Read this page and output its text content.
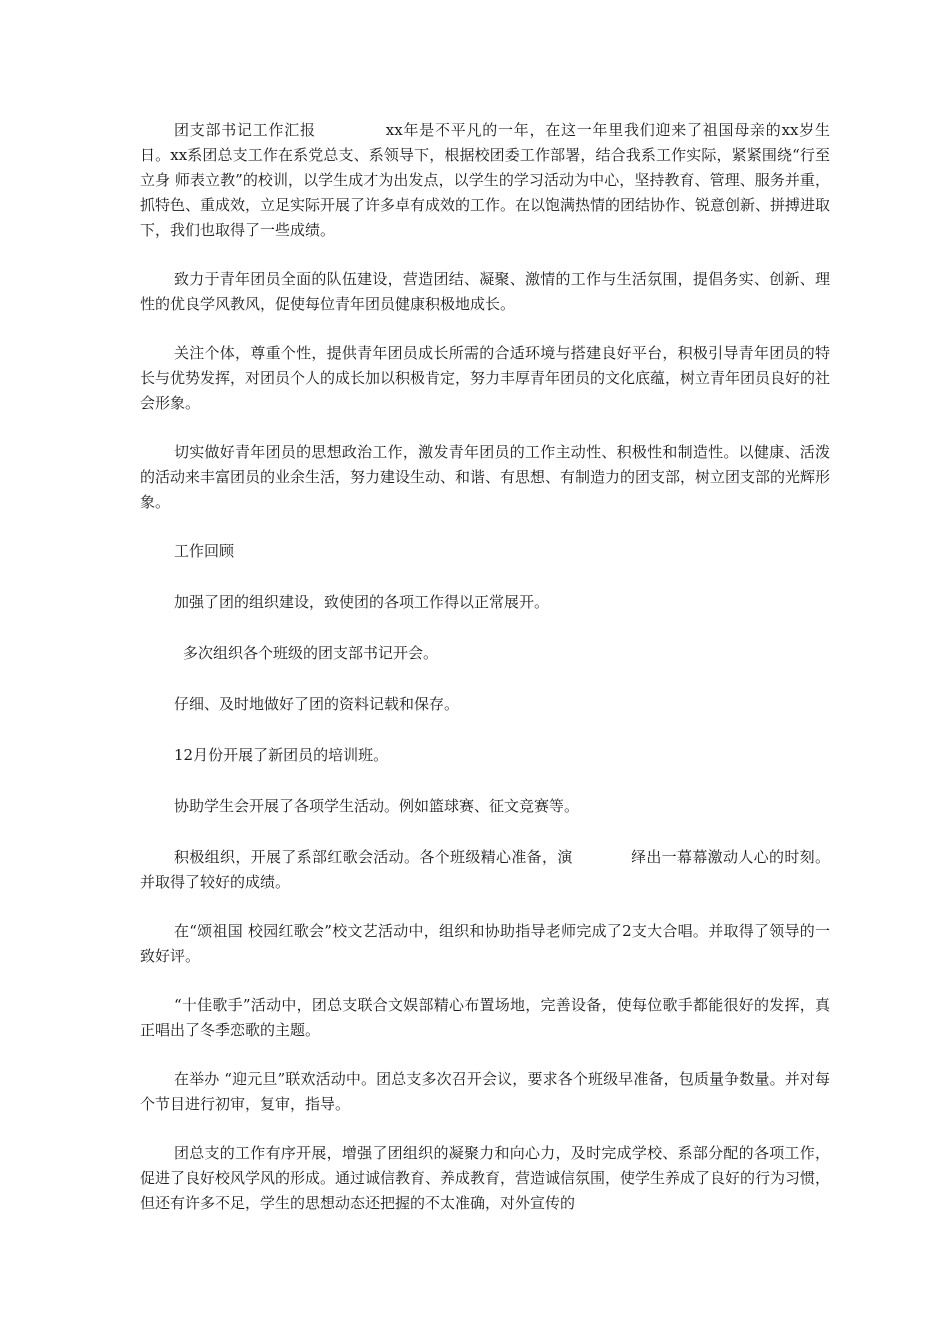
团支部书记工作汇报	xx年是不平凡的一年，在这一年里我们迎来了祖国母亲的xx岁生日。xx系团总支工作在系党总支、系领导下，根据校团委工作部署，结合我系工作实际，紧紧围绕“行至立身 师表立教”的校训，以学生成才为出发点，以学生的学习活动为中心，坚持教育、管理、服务并重，抓特色、重成效，立足实际开展了许多卓有成效的工作。在以饱满热情的团结协作、锐意创新、拼搏进取下，我们也取得了一些成绩。

致力于青年团员全面的队伍建设，营造团结、凝聚、激情的工作与生活氛围，提倡务实、创新、理性的优良学风教风，促使每位青年团员健康积极地成长。

关注个体，尊重个性，提供青年团员成长所需的合适环境与搭建良好平台，积极引导青年团员的特长与优势发挥，对团员个人的成长加以积极肯定，努力丰厚青年团员的文化底蕴，树立青年团员良好的社会形象。

切实做好青年团员的思想政治工作，激发青年团员的工作主动性、积极性和制造性。以健康、活泼的活动来丰富团员的业余生活，努力建设生动、和谐、有思想、有制造力的团支部，树立团支部的光辉形象。

工作回顾

加强了团的组织建设，致使团的各项工作得以正常展开。

多次组织各个班级的团支部书记开会。

仔细、及时地做好了团的资料记载和保存。

12月份开展了新团员的培训班。

协助学生会开展了各项学生活动。例如篮球赛、征文竞赛等。

积极组织，开展了系部红歌会活动。各个班级精心准备，演	绎出一幕幕激动人心的时刻。并取得了较好的成绩。

在“颂祖国 校园红歌会”校文艺活动中，组织和协助指导老师完成了2支大合唱。并取得了领导的一致好评。

“十佳歌手”活动中，团总支联合文娱部精心布置场地，完善设备，使每位歌手都能很好的发挥，真正唱出了冬季恋歌的主题。

在举办 “迎元旦”联欢活动中。团总支多次召开会议，要求各个班级早准备，包质量争数量。并对每个节目进行初审，复审，指导。

团总支的工作有序开展，增强了团组织的凝聚力和向心力，及时完成学校、系部分配的各项工作，促进了良好校风学风的形成。通过诚信教育、养成教育，营造诚信氛围，使学生养成了良好的行为习惯，但还有许多不足，学生的思想动态还把握的不太准确，对外宣传的
